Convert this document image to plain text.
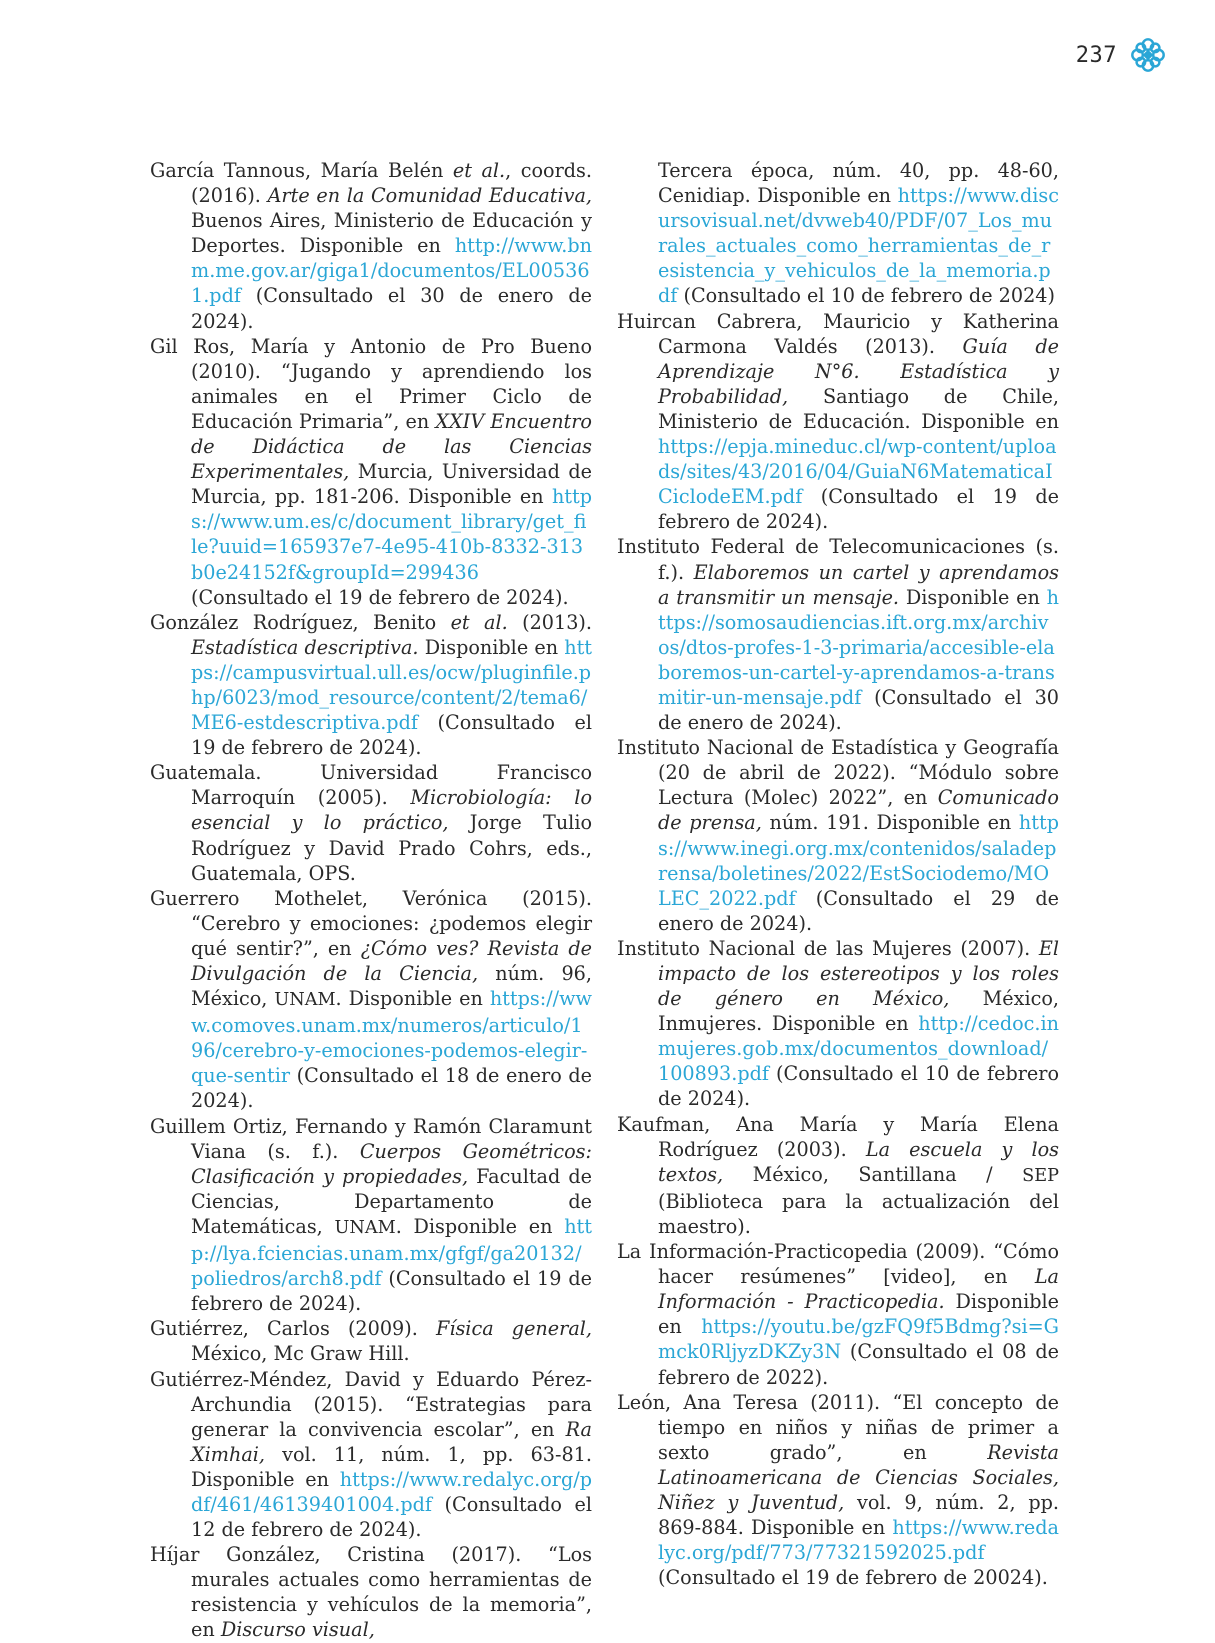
237

García Tannous, María Belén et al., coords. (2016). Arte en la Comunidad Educativa, Buenos Aires, Ministerio de Educación y Deportes. Disponible en http://www.bnm.me.gov.ar/giga1/documentos/EL005361.pdf (Consultado el 30 de enero de 2024).

Gil Ros, María y Antonio de Pro Bueno (2010). “Jugando y aprendiendo los animales en el Primer Ciclo de Educación Primaria”, en XXIV Encuentro de Didáctica de las Ciencias Experimentales, Murcia, Universidad de Murcia, pp. 181-206. Disponible en https://www.um.es/c/document_library/get_file?uuid=165937e7-4e95-410b-8332-313b0e24152f&groupId=299436 (Consultado el 19 de febrero de 2024).

González Rodríguez, Benito et al. (2013). Estadística descriptiva. Disponible en https://campusvirtual.ull.es/ocw/pluginfile.php/6023/mod_resource/content/2/tema6/ME6-estdescriptiva.pdf (Consultado el 19 de febrero de 2024).

Guatemala. Universidad Francisco Marroquín (2005). Microbiología: lo esencial y lo práctico, Jorge Tulio Rodríguez y David Prado Cohrs, eds., Guatemala, OPS.

Guerrero Mothelet, Verónica (2015). “Cerebro y emociones: ¿podemos elegir qué sentir?”, en ¿Cómo ves? Revista de Divulgación de la Ciencia, núm. 96, México, UNAM. Disponible en https://www.comoves.unam.mx/numeros/articulo/196/cerebro-y-emociones-podemos-elegir-que-sentir (Consultado el 18 de enero de 2024).

Guillem Ortiz, Fernando y Ramón Claramunt Viana (s. f.). Cuerpos Geométricos: Clasificación y propiedades, Facultad de Ciencias, Departamento de Matemáticas, UNAM. Disponible en http://lya.fciencias.unam.mx/gfgf/ga20132/poliedros/arch8.pdf (Consultado el 19 de febrero de 2024).

Gutiérrez, Carlos (2009). Física general, México, Mc Graw Hill.

Gutiérrez-Méndez, David y Eduardo Pérez-Archundia (2015). “Estrategias para generar la convivencia escolar”, en Ra Ximhai, vol. 11, núm. 1, pp. 63-81. Disponible en https://www.redalyc.org/pdf/461/46139401004.pdf (Consultado el 12 de febrero de 2024).

Híjar González, Cristina (2017). “Los murales actuales como herramientas de resistencia y vehículos de la memoria”, en Discurso visual,

Tercera época, núm. 40, pp. 48-60, Cenidiap. Disponible en https://www.discursovisual.net/dvweb40/PDF/07_Los_murales_actuales_como_herramientas_de_resistencia_y_vehiculos_de_la_memoria.pdf (Consultado el 10 de febrero de 2024)

Huircan Cabrera, Mauricio y Katherina Carmona Valdés (2013). Guía de Aprendizaje N°6. Estadística y Probabilidad, Santiago de Chile, Ministerio de Educación. Disponible en https://epja.mineduc.cl/wp-content/uploads/sites/43/2016/04/GuiaN6MatematicaICiclodeEM.pdf (Consultado el 19 de febrero de 2024).

Instituto Federal de Telecomunicaciones (s. f.). Elaboremos un cartel y aprendamos a transmitir un mensaje. Disponible en https://somosaudiencias.ift.org.mx/archivos/dtos-profes-1-3-primaria/accesible-elaboremos-un-cartel-y-aprendamos-a-transmitir-un-mensaje.pdf (Consultado el 30 de enero de 2024).

Instituto Nacional de Estadística y Geografía (20 de abril de 2022). “Módulo sobre Lectura (Molec) 2022”, en Comunicado de prensa, núm. 191. Disponible en https://www.inegi.org.mx/contenidos/saladeprensa/boletines/2022/EstSociodemo/MOLEC_2022.pdf (Consultado el 29 de enero de 2024).

Instituto Nacional de las Mujeres (2007). El impacto de los estereotipos y los roles de género en México, México, Inmujeres. Disponible en http://cedoc.inmujeres.gob.mx/documentos_download/100893.pdf (Consultado el 10 de febrero de 2024).

Kaufman, Ana María y María Elena Rodríguez (2003). La escuela y los textos, México, Santillana / SEP (Biblioteca para la actualización del maestro).

La Información-Practicopedia (2009). “Cómo hacer resúmenes” [video], en La Información - Practicopedia. Disponible en https://youtu.be/gzFQ9f5Bdmg?si=Gmck0RljyzDKZy3N (Consultado el 08 de febrero de 2022).

León, Ana Teresa (2011). “El concepto de tiempo en niños y niñas de primer a sexto grado”, en Revista Latinoamericana de Ciencias Sociales, Niñez y Juventud, vol. 9, núm. 2, pp. 869-884. Disponible en https://www.redalyc.org/pdf/773/77321592025.pdf (Consultado el 19 de febrero de 20024).
